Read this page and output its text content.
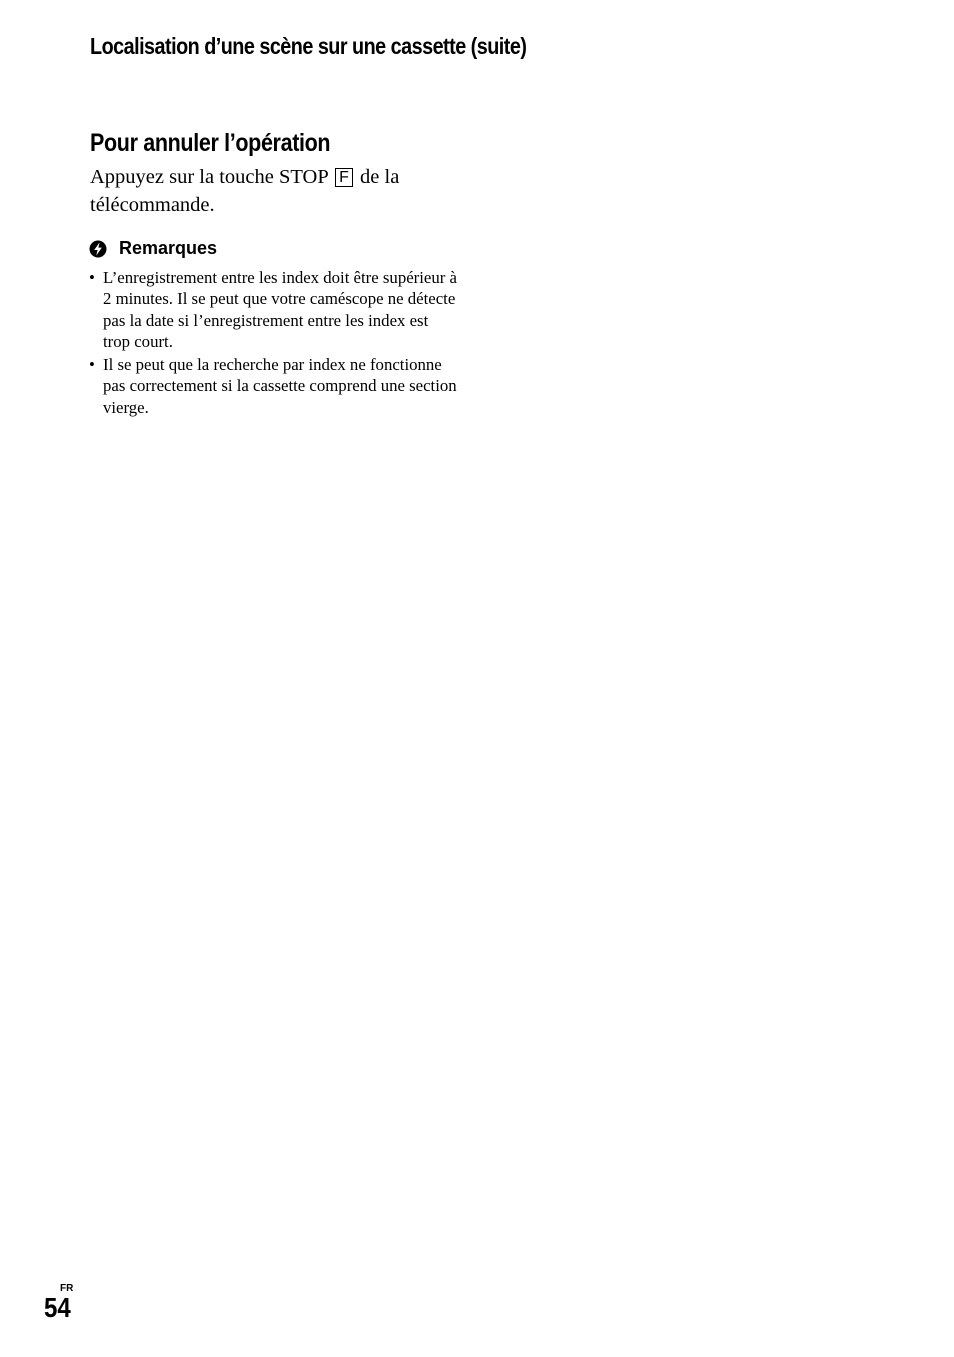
Localisation d’une scène sur une cassette (suite)
Pour annuler l’opération

Appuyez sur la touche STOP F de la télécommande.

Remarques
• L’enregistrement entre les index doit être supérieur à 2 minutes. Il se peut que votre caméscope ne détecte pas la date si l’enregistrement entre les index est trop court.
• Il se peut que la recherche par index ne fonctionne pas correctement si la cassette comprend une section vierge.
FR
54
